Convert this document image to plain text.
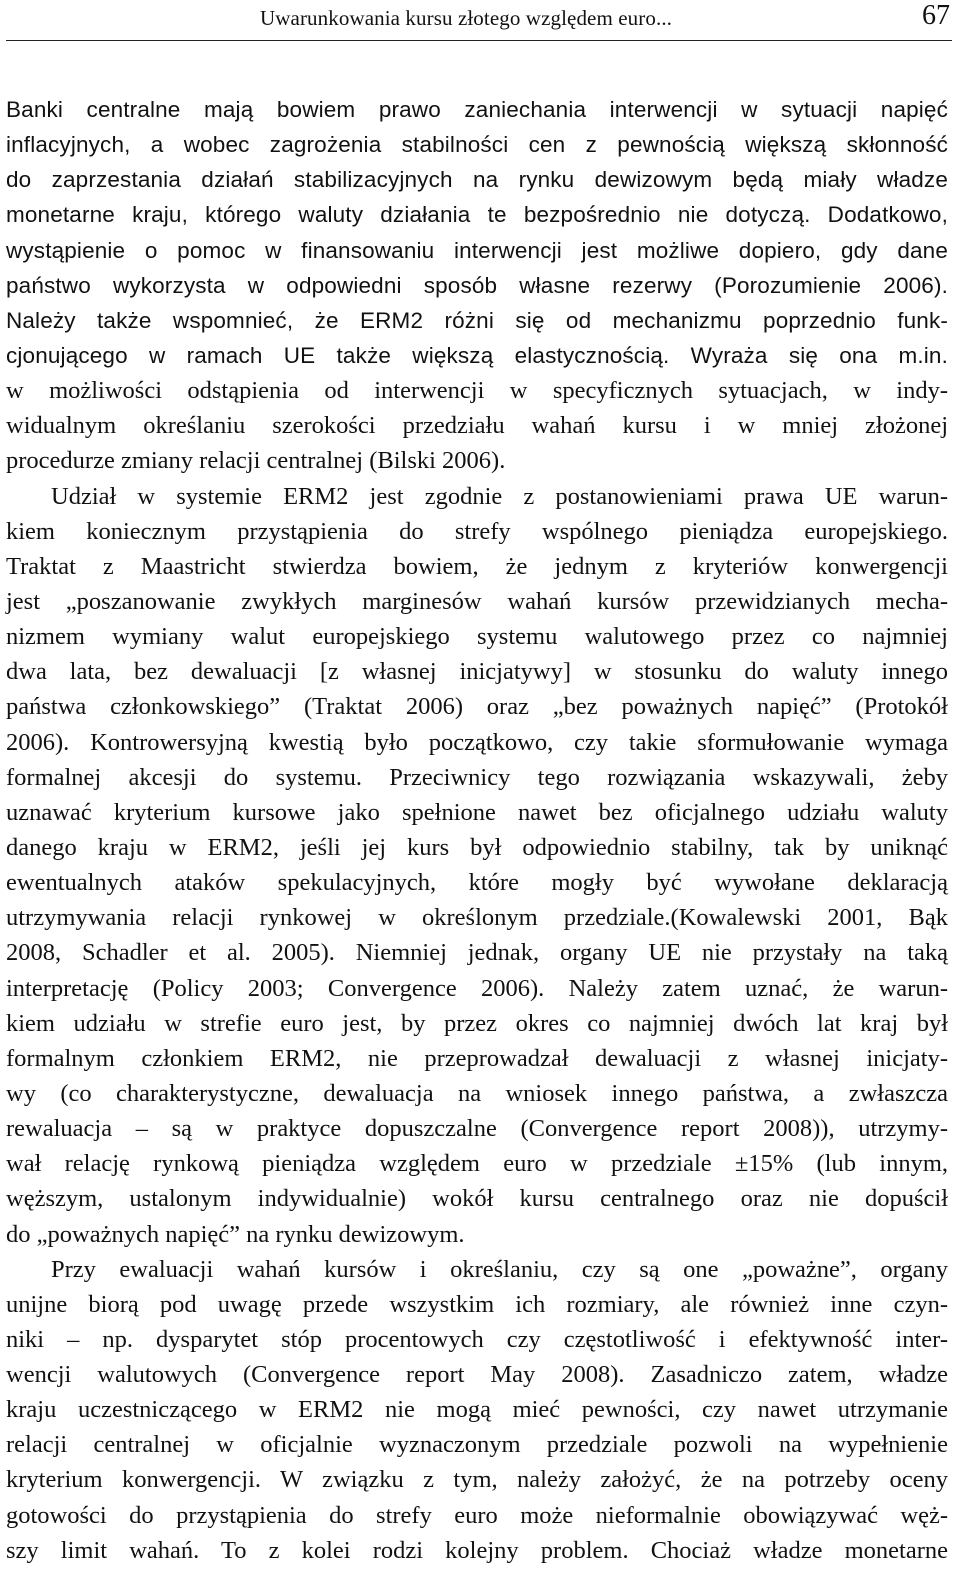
Uwarunkowania kursu złotego względem euro...	67
Banki centralne mają bowiem prawo zaniechania interwencji w sytuacji napięć
inflacyjnych, a wobec zagrożenia stabilności cen z pewnością większą skłonność
do zaprzestania działań stabilizacyjnych na rynku dewizowym będą miały władze
monetarne kraju, którego waluty działania te bezpośrednio nie dotyczą. Dodatkowo,
wystąpienie o pomoc w finansowaniu interwencji jest możliwe dopiero, gdy dane
państwo wykorzysta w odpowiedni sposób własne rezerwy (Porozumienie 2006).
Należy także wspomnieć, że ERM2 różni się od mechanizmu poprzednio funk-
cjonującego w ramach UE także większą elastycznością. Wyraża się ona m.in.
w możliwości odstąpienia od interwencji w specyficznych sytuacjach, w indy-
widualnym określaniu szerokości przedziału wahań kursu i w mniej złożonej
procedurze zmiany relacji centralnej (Bilski 2006).
Udział w systemie ERM2 jest zgodnie z postanowieniami prawa UE warun-
kiem koniecznym przystąpienia do strefy wspólnego pieniądza europejskiego.
Traktat z Maastricht stwierdza bowiem, że jednym z kryteriów konwergencji
jest „poszanowanie zwykłych marginesów wahań kursów przewidzianych mecha-
nizmem wymiany walut europejskiego systemu walutowego przez co najmniej
dwa lata, bez dewaluacji [z własnej inicjatywy] w stosunku do waluty innego
państwa członkowskiego” (Traktat 2006) oraz „bez poważnych napięć” (Protokół
2006). Kontrowersyjną kwestią było początkowo, czy takie sformułowanie wymaga
formalnej akcesji do systemu. Przeciwnicy tego rozwiązania wskazywali, żeby
uznawać kryterium kursowe jako spełnione nawet bez oficjalnego udziału waluty
danego kraju w ERM2, jeśli jej kurs był odpowiednio stabilny, tak by uniknąć
ewentualnych ataków spekulacyjnych, które mogły być wywołane deklaracją
utrzymywania relacji rynkowej w określonym przedziale.(Kowalewski 2001, Bąk
2008, Schadler et al. 2005). Niemniej jednak, organy UE nie przystały na taką
interpretację (Policy 2003; Convergence 2006). Należy zatem uznać, że warun-
kiem udziału w strefie euro jest, by przez okres co najmniej dwóch lat kraj był
formalnym członkiem ERM2, nie przeprowadzał dewaluacji z własnej inicjaty-
wy (co charakterystyczne, dewaluacja na wniosek innego państwa, a zwłaszcza
rewaluacja – są w praktyce dopuszczalne (Convergence report 2008)), utrzymy-
wał relację rynkową pieniądza względem euro w przedziale ±15% (lub innym,
węższym, ustalonym indywidualnie) wokół kursu centralnego oraz nie dopuścił
do „poważnych napięć” na rynku dewizowym.
Przy ewaluacji wahań kursów i określaniu, czy są one „poważne”, organy
unijne biorą pod uwagę przede wszystkim ich rozmiary, ale również inne czyn-
niki – np. dysparytet stóp procentowych czy częstotliwość i efektywność inter-
wencji walutowych (Convergence report May 2008). Zasadniczo zatem, władze
kraju uczestniczącego w ERM2 nie mogą mieć pewności, czy nawet utrzymanie
relacji centralnej w oficjalnie wyznaczonym przedziale pozwoli na wypełnienie
kryterium konwergencji. W związku z tym, należy założyć, że na potrzeby oceny
gotowości do przystąpienia do strefy euro może nieformalnie obowiązywać węż-
szy limit wahań. To z kolei rodzi kolejny problem. Chociaż władze monetarne
